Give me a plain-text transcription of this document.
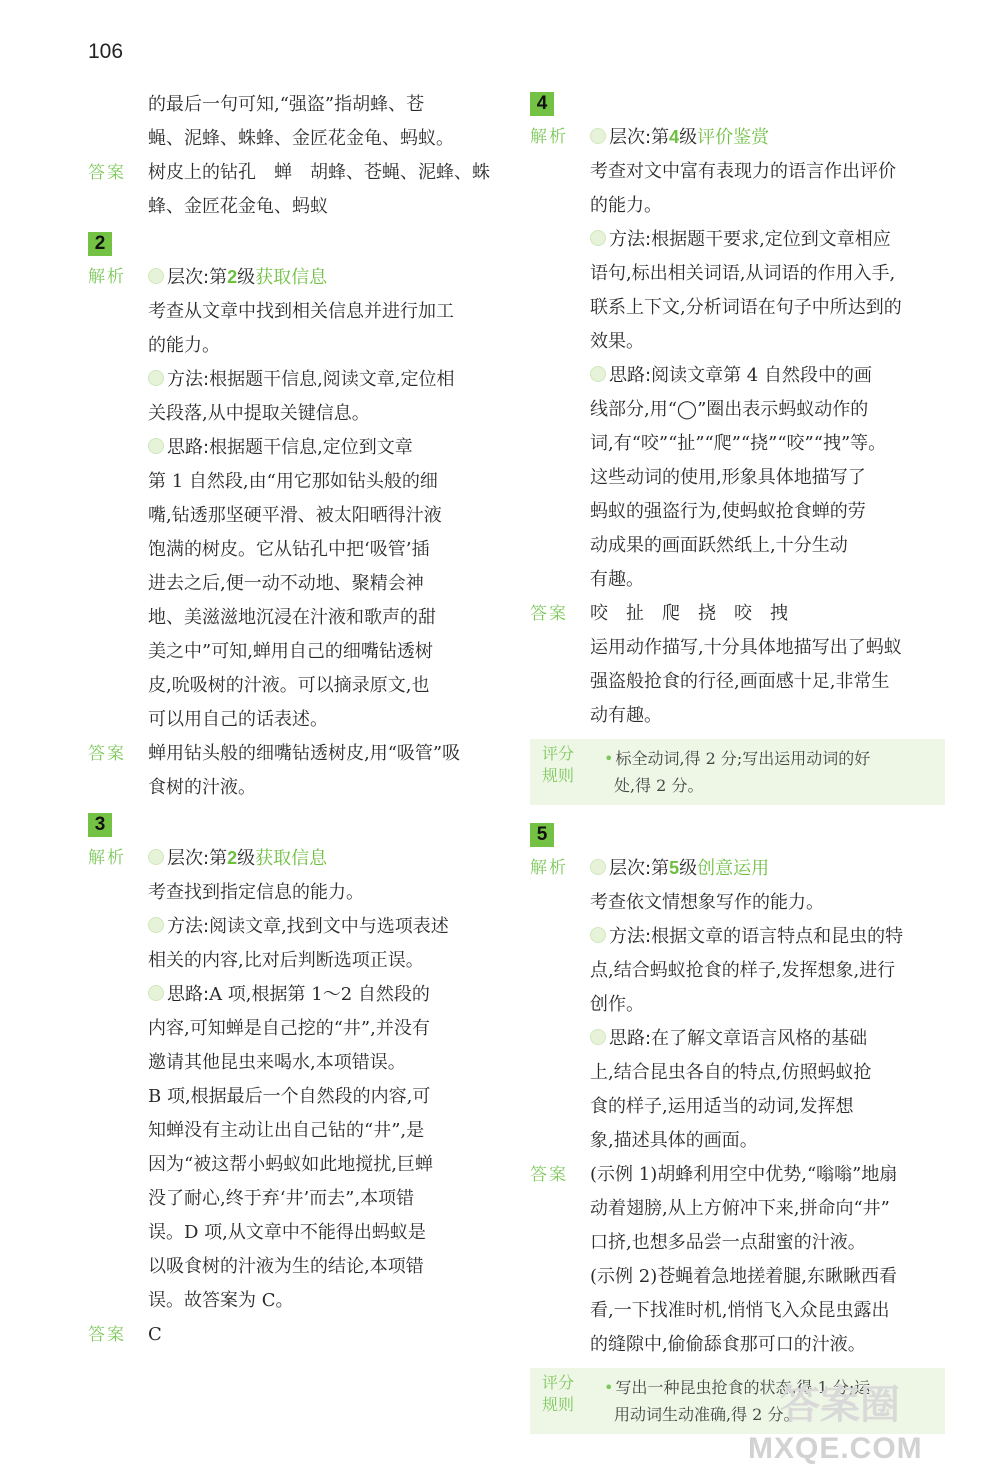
106

的最后一句可知,“强盗”指胡蜂、苍

蝇、泥蜂、蛛蜂、金匠花金龟、蚂蚁。

答案 树皮上的钻孔　蝉　胡蜂、苍蝇、泥蜂、蛛

蜂、金匠花金龟、蚂蚁

2
解析	层次:第2级获取信息

考查从文章中找到相关信息并进行加工

的能力。

方法:根据题干信息,阅读文章,定位相

关段落,从中提取关键信息。

思路:根据题干信息,定位到文章

第 1 自然段,由“用它那如钻头般的细

嘴,钻透那坚硬平滑、被太阳晒得汁液

饱满的树皮。它从钻孔中把‘吸管’插

进去之后,便一动不动地、聚精会神

地、美滋滋地沉浸在汁液和歌声的甜

美之中”可知,蝉用自己的细嘴钻透树

皮,吮吸树的汁液。可以摘录原文,也

可以用自己的话表述。

答案 蝉用钻头般的细嘴钻透树皮,用“吸管”吸

食树的汁液。

3
解析	层次:第2级获取信息

考查找到指定信息的能力。

方法:阅读文章,找到文中与选项表述

相关的内容,比对后判断选项正误。

思路:A 项,根据第 1～2 自然段的

内容,可知蝉是自己挖的“井”,并没有

邀请其他昆虫来喝水,本项错误。

B 项,根据最后一个自然段的内容,可

知蝉没有主动让出自己钻的“井”,是

因为“被这帮小蚂蚁如此地搅扰,巨蝉

没了耐心,终于弃‘井’而去”,本项错

误。D 项,从文章中不能得出蚂蚁是

以吸食树的汁液为生的结论,本项错

误。故答案为 C。

答案 C

4
解析	层次:第4级评价鉴赏

考查对文中富有表现力的语言作出评价

的能力。

方法:根据题干要求,定位到文章相应

语句,标出相关词语,从词语的作用入手,

联系上下文,分析词语在句子中所达到的

效果。

思路:阅读文章第 4 自然段中的画

线部分,用“◯”圈出表示蚂蚁动作的

词,有“咬”“扯”“爬”“挠”“咬”“拽”等。

这些动词的使用,形象具体地描写了

蚂蚁的强盗行为,使蚂蚁抢食蝉的劳

动成果的画面跃然纸上,十分生动

有趣。

答案 咬　扯　爬　挠　咬　拽

运用动作描写,十分具体地描写出了蚂蚁

强盗般抢食的行径,画面感十足,非常生

动有趣。

评分
规则
• 标全动词,得 2 分;写出运用动词的好
处,得 2 分。
5
解析	层次:第5级创意运用

考查依文情想象写作的能力。

方法:根据文章的语言特点和昆虫的特

点,结合蚂蚁抢食的样子,发挥想象,进行

创作。

思路:在了解文章语言风格的基础

上,结合昆虫各自的特点,仿照蚂蚁抢

食的样子,运用适当的动词,发挥想

象,描述具体的画面。

答案 (示例 1)胡蜂利用空中优势,“嗡嗡”地扇

动着翅膀,从上方俯冲下来,拼命向“井”

口挤,也想多品尝一点甜蜜的汁液。

(示例 2)苍蝇着急地搓着腿,东瞅瞅西看

看,一下找准时机,悄悄飞入众昆虫露出

的缝隙中,偷偷舔食那可口的汁液。

评分
规则
• 写出一种昆虫抢食的状态,得 1 分;运
用动词生动准确,得 2 分。
答案圈
MXQE.COM
